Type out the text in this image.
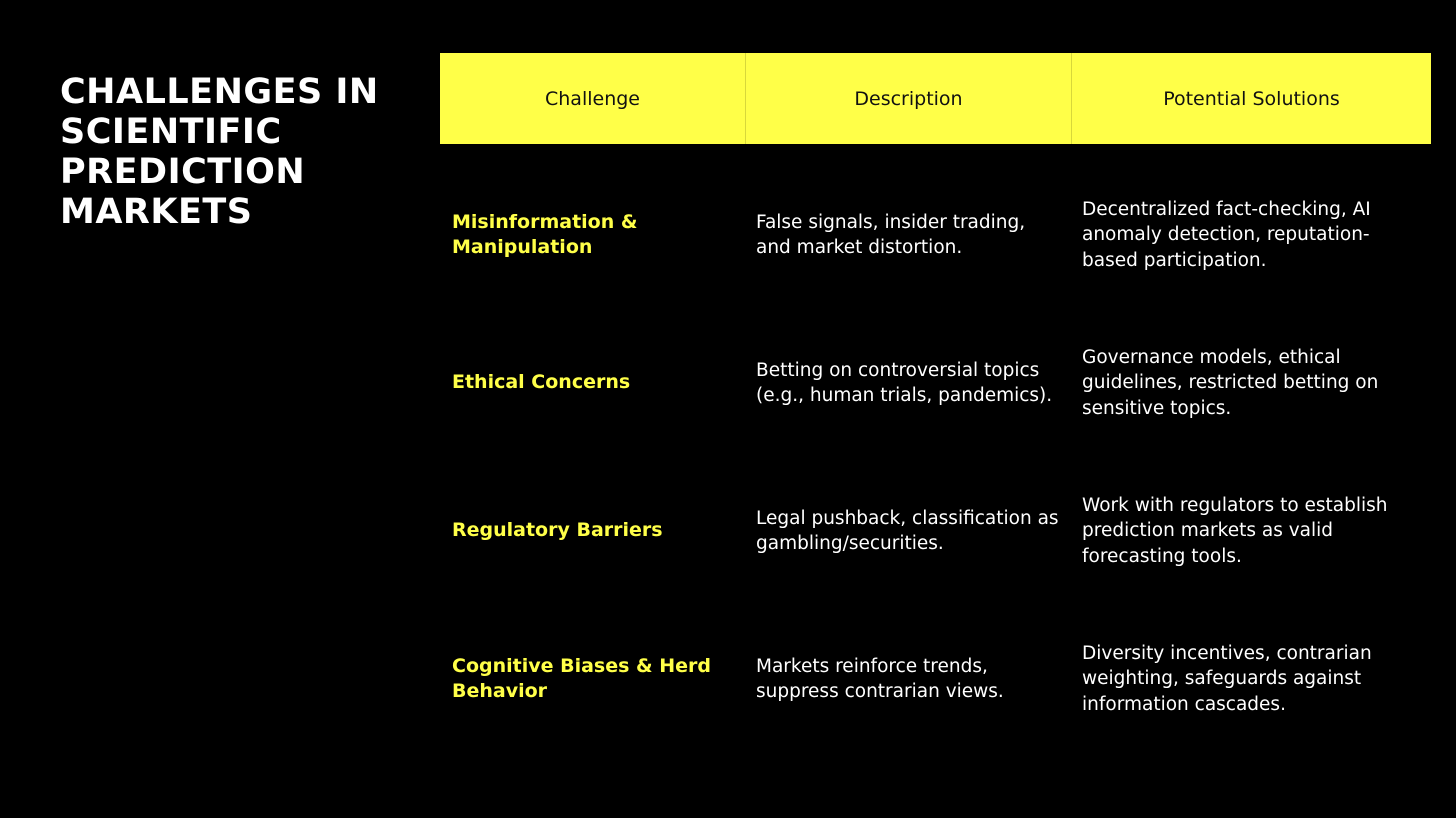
CHALLENGES IN SCIENTIFIC PREDICTION MARKETS
Challenge	Description	Potential Solutions
Misinformation & Manipulation
False signals, insider trading, and market distortion.
Decentralized fact-checking, AI anomaly detection, reputation-based participation.
Ethical Concerns
Betting on controversial topics (e.g., human trials, pandemics).
Governance models, ethical guidelines, restricted betting on sensitive topics.
Regulatory Barriers
Legal pushback, classification as gambling/securities.
Work with regulators to establish prediction markets as valid forecasting tools.
Cognitive Biases & Herd Behavior
Markets reinforce trends, suppress contrarian views.
Diversity incentives, contrarian weighting, safeguards against information cascades.
